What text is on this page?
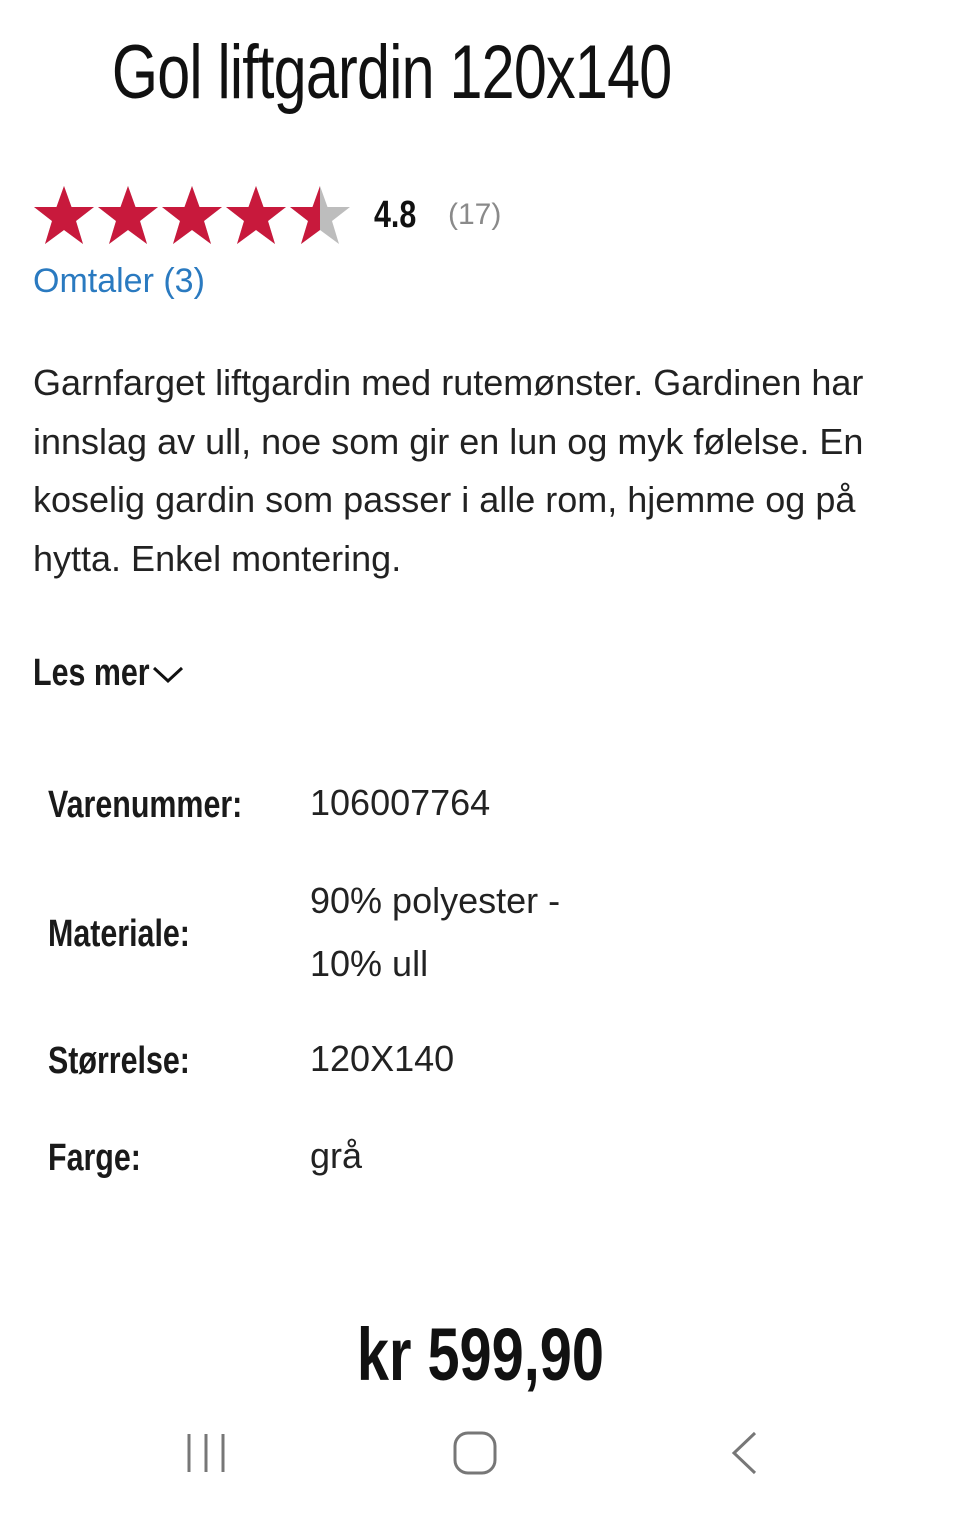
Gol liftgardin 120x140
4.8 (17)
Omtaler (3)
Garnfarget liftgardin med rutemønster. Gardinen har innslag av ull, noe som gir en lun og myk følelse. En koselig gardin som passer i alle rom, hjemme og på hytta. Enkel montering.
Les mer
Varenummer: 106007764
Materiale:
90% polyester -
10% ull
Størrelse:	120X140
Farge:	grå
kr 599,90
